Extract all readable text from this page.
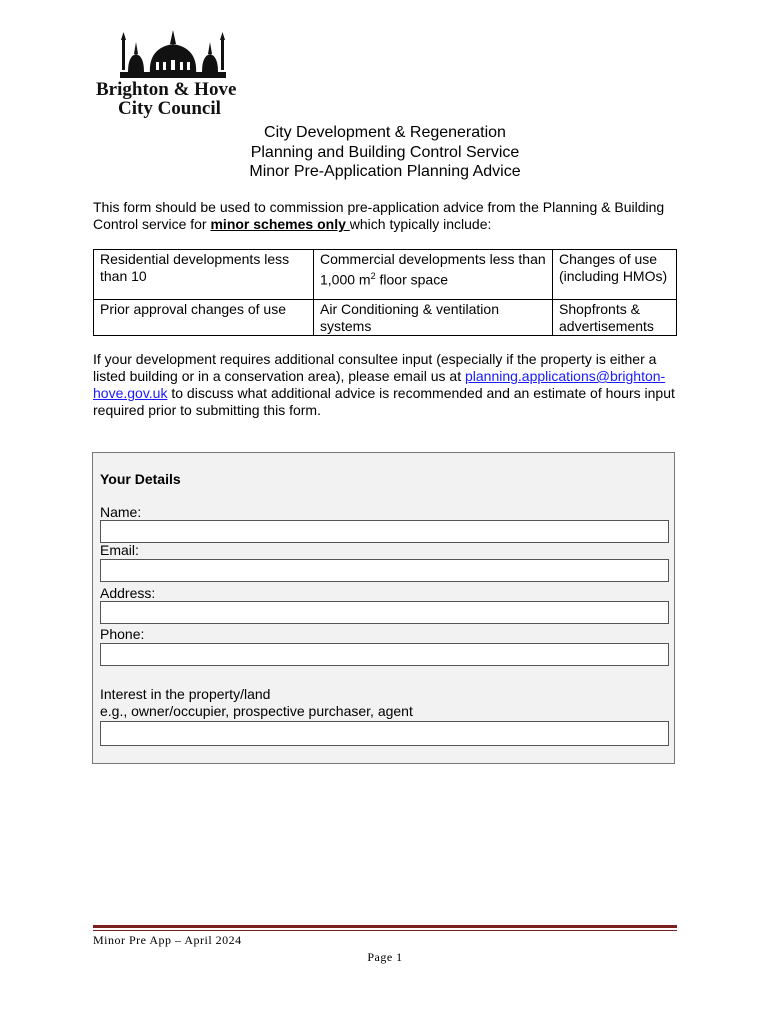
Brighton & Hove
City Council
City Development & Regeneration
Planning and Building Control Service
Minor Pre-Application Planning Advice
This form should be used to commission pre-application advice from the Planning & Building Control service for minor schemes only which typically include:
Residential developments less than 10	Commercial developments less than 1,000 $m^2$ floor space	Changes of use (including HMOs)
Prior approval changes of use	Air Conditioning & ventilation systems	Shopfronts & advertisements
If your development requires additional consultee input (especially if the property is either a listed building or in a conservation area), please email us at planning.applications@brighton-hove.gov.uk to discuss what additional advice is recommended and an estimate of hours input required prior to submitting this form.
Your Details
Name:
Email:
Address:
Phone:
Interest in the property/land
e.g., owner/occupier, prospective purchaser, agent
Minor Pre App – April 2024
Page 1
